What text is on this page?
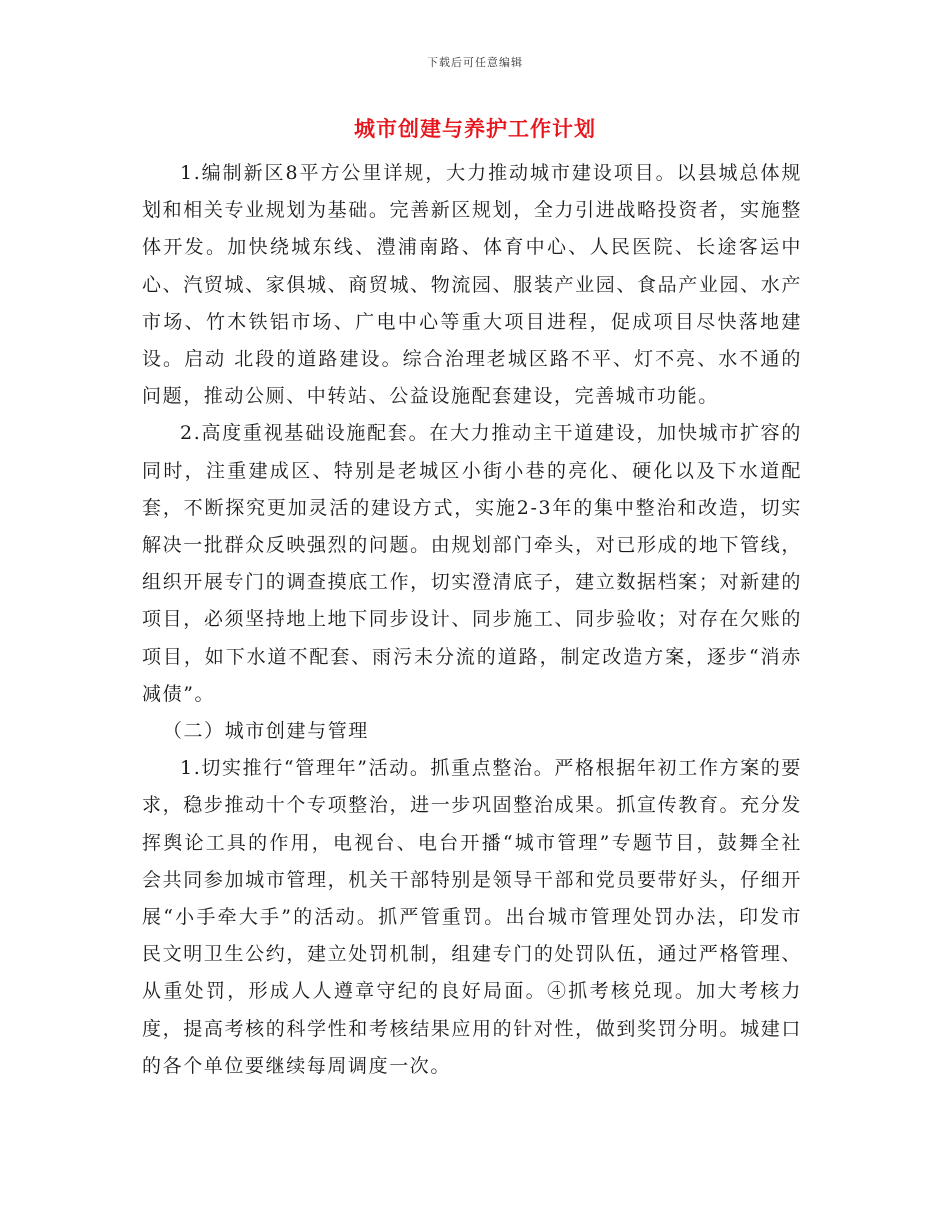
下载后可任意编辑
城市创建与养护工作计划

1.编制新区8平方公里详规，大力推动城市建设项目。以县城总体规划和相关专业规划为基础。完善新区规划，全力引进战略投资者，实施整体开发。加快绕城东线、澧浦南路、体育中心、人民医院、长途客运中心、汽贸城、家俱城、商贸城、物流园、服装产业园、食品产业园、水产市场、竹木铁铝市场、广电中心等重大项目进程，促成项目尽快落地建设。启动 北段的道路建设。综合治理老城区路不平、灯不亮、水不通的问题，推动公厕、中转站、公益设施配套建设，完善城市功能。

2.高度重视基础设施配套。在大力推动主干道建设，加快城市扩容的同时，注重建成区、特别是老城区小街小巷的亮化、硬化以及下水道配套，不断探究更加灵活的建设方式，实施2-3年的集中整治和改造，切实解决一批群众反映强烈的问题。由规划部门牵头，对已形成的地下管线，组织开展专门的调查摸底工作，切实澄清底子，建立数据档案；对新建的项目，必须坚持地上地下同步设计、同步施工、同步验收；对存在欠账的项目，如下水道不配套、雨污未分流的道路，制定改造方案，逐步“消赤减债”。

（二）城市创建与管理

1.切实推行“管理年”活动。抓重点整治。严格根据年初工作方案的要求，稳步推动十个专项整治，进一步巩固整治成果。抓宣传教育。充分发挥舆论工具的作用，电视台、电台开播“城市管理”专题节目，鼓舞全社会共同参加城市管理，机关干部特别是领导干部和党员要带好头，仔细开展“小手牵大手”的活动。抓严管重罚。出台城市管理处罚办法，印发市民文明卫生公约，建立处罚机制，组建专门的处罚队伍，通过严格管理、从重处罚，形成人人遵章守纪的良好局面。④抓考核兑现。加大考核力度，提高考核的科学性和考核结果应用的针对性，做到奖罚分明。城建口的各个单位要继续每周调度一次。
